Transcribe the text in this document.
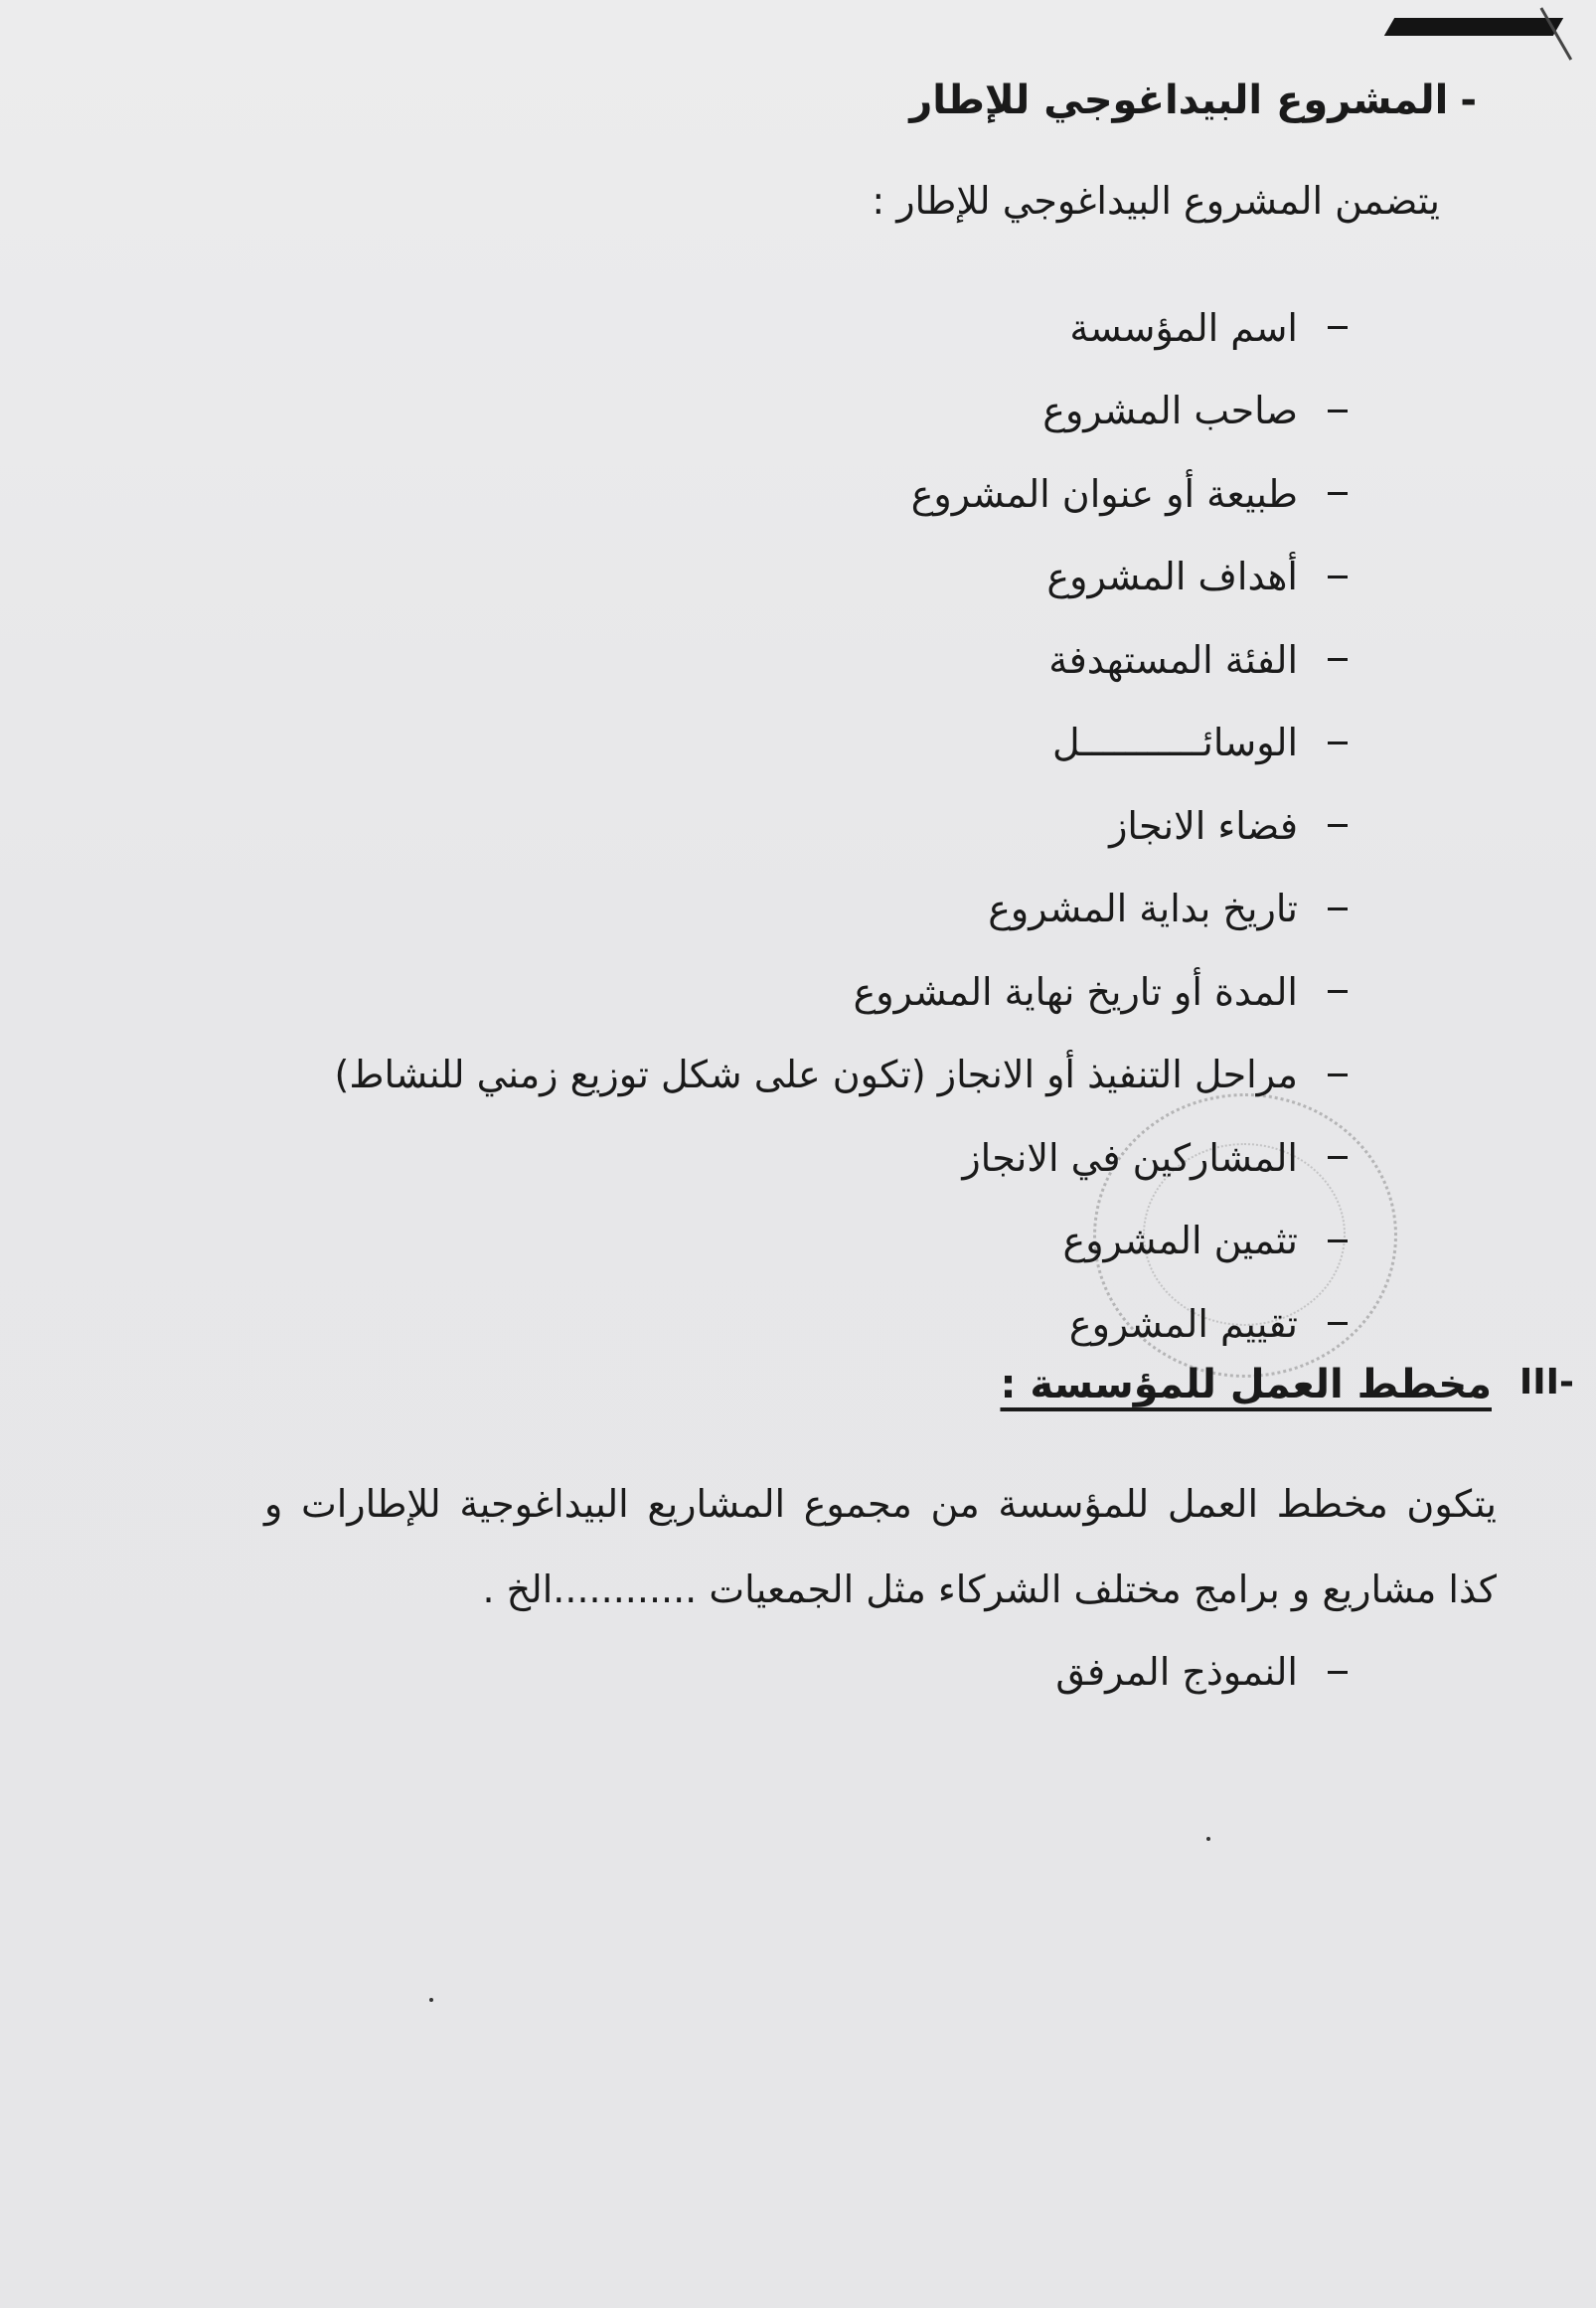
-المشروع البيداغوجي للإطار
يتضمن المشروع البيداغوجي للإطار :
اسم المؤسسة
صاحب المشروع
طبيعة أو عنوان المشروع
أهداف المشروع
الفئة المستهدفة
الوسائـــــــــــل
فضاء الانجاز
تاريخ بداية المشروع
المدة أو تاريخ نهاية المشروع
مراحل التنفيذ أو الانجاز (تكون على شكل توزيع زمني للنشاط)
المشاركين في الانجاز
تثمين المشروع
تقييم المشروع
III-
مخطط العمل للمؤسسة :
يتكون مخطط العمل للمؤسسة من مجموع المشاريع البيداغوجية للإطارات و كذا مشاريع و برامج مختلف الشركاء مثل الجمعيات ............الخ .
النموذج المرفق
